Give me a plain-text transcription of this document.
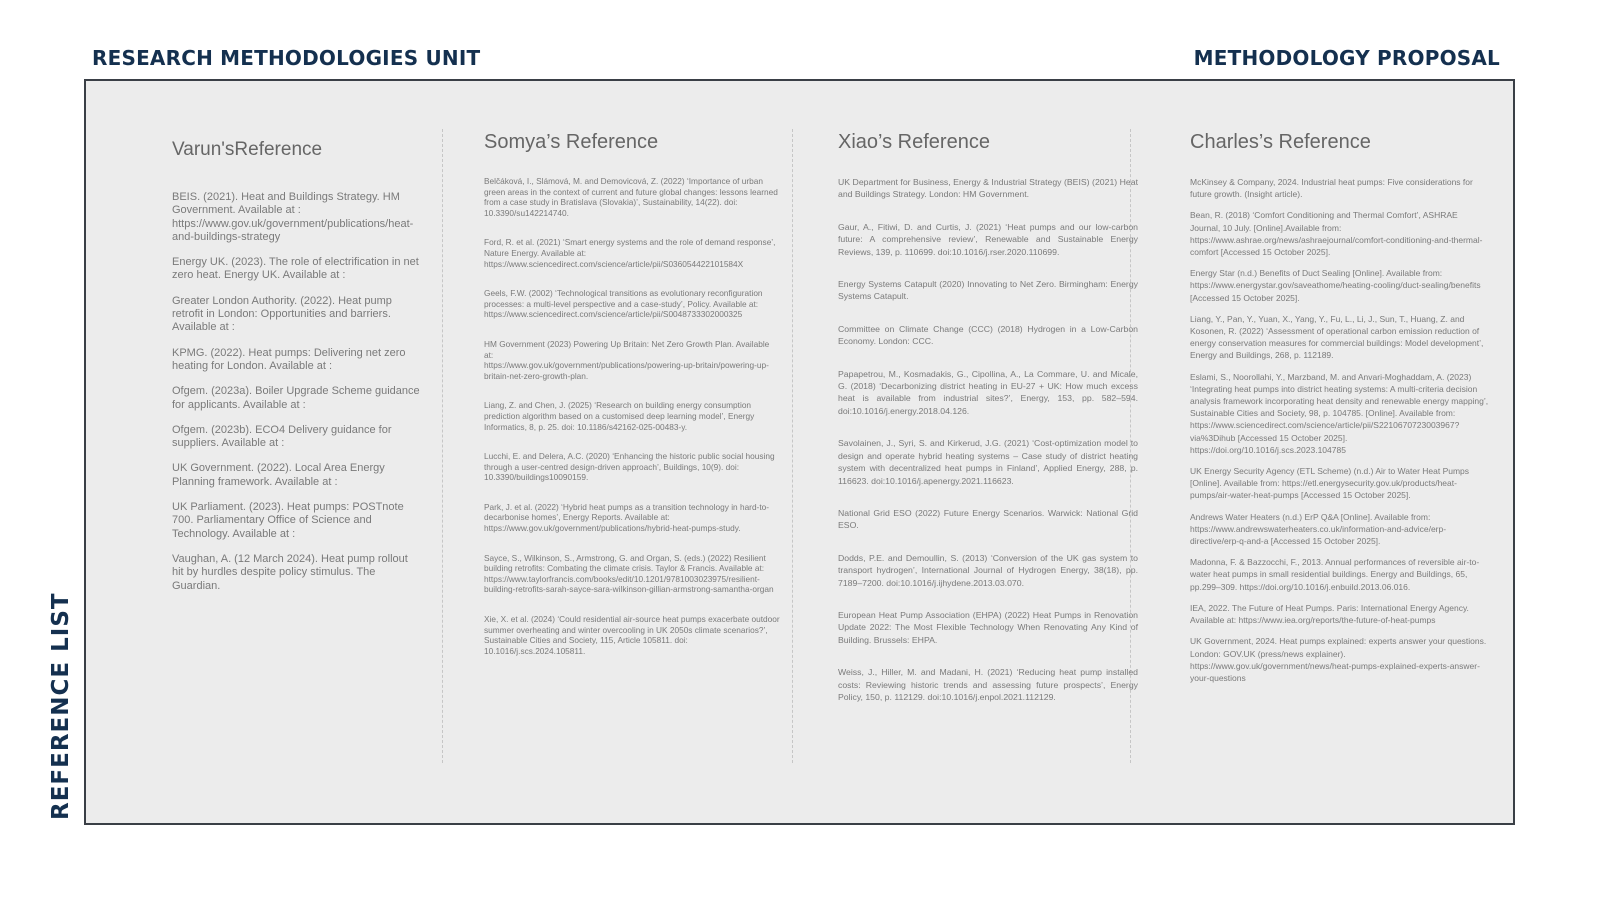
RESEARCH METHODOLOGIES UNIT	METHODOLOGY PROPOSAL
REFERENCE LIST
Varun'sReference
BEIS. (2021). Heat and Buildings Strategy. HM Government. Available at : https://www.gov.uk/government/publications/heat-and-buildings-strategy
Energy UK. (2023). The role of electrification in net zero heat. Energy UK. Available at :
Greater London Authority. (2022). Heat pump retrofit in London: Opportunities and barriers. Available at :
KPMG. (2022). Heat pumps: Delivering net zero heating for London. Available at :
Ofgem. (2023a). Boiler Upgrade Scheme guidance for applicants. Available at :
Ofgem. (2023b). ECO4 Delivery guidance for suppliers. Available at :
UK Government. (2022). Local Area Energy Planning framework. Available at :
UK Parliament. (2023). Heat pumps: POSTnote 700. Parliamentary Office of Science and Technology. Available at :
Vaughan, A. (12 March 2024). Heat pump rollout hit by hurdles despite policy stimulus. The Guardian.
Somya’s Reference
Belčáková, I., Slámová, M. and Demovicová, Z. (2022) ‘Importance of urban green areas in the context of current and future global changes: lessons learned from a case study in Bratislava (Slovakia)’, Sustainability, 14(22). doi: 10.3390/su142214740.
Ford, R. et al. (2021) ‘Smart energy systems and the role of demand response’, Nature Energy. Available at:
https://www.sciencedirect.com/science/article/pii/S036054422101584X
Geels, F.W. (2002) ‘Technological transitions as evolutionary reconfiguration processes: a multi-level perspective and a case-study’, Policy. Available at:
https://www.sciencedirect.com/science/article/pii/S0048733302000325
HM Government (2023) Powering Up Britain: Net Zero Growth Plan. Available at:
https://www.gov.uk/government/publications/powering-up-britain/powering-up-britain-net-zero-growth-plan.
Liang, Z. and Chen, J. (2025) ‘Research on building energy consumption prediction algorithm based on a customised deep learning model’, Energy Informatics, 8, p. 25. doi: 10.1186/s42162-025-00483-y.
Lucchi, E. and Delera, A.C. (2020) ‘Enhancing the historic public social housing through a user-centred design-driven approach’, Buildings, 10(9). doi: 10.3390/buildings10090159.
Park, J. et al. (2022) ‘Hybrid heat pumps as a transition technology in hard-to-decarbonise homes’, Energy Reports. Available at:
https://www.gov.uk/government/publications/hybrid-heat-pumps-study.
Sayce, S., Wilkinson, S., Armstrong, G. and Organ, S. (eds.) (2022) Resilient building retrofits: Combating the climate crisis. Taylor & Francis. Available at:
https://www.taylorfrancis.com/books/edit/10.1201/9781003023975/resilient-building-retrofits-sarah-sayce-sara-wilkinson-gillian-armstrong-samantha-organ
Xie, X. et al. (2024) ‘Could residential air-source heat pumps exacerbate outdoor summer overheating and winter overcooling in UK 2050s climate scenarios?’, Sustainable Cities and Society, 115, Article 105811. doi: 10.1016/j.scs.2024.105811.
Xiao’s Reference
UK Department for Business, Energy & Industrial Strategy (BEIS) (2021) Heat and Buildings Strategy. London: HM Government.
Gaur, A., Fitiwi, D. and Curtis, J. (2021) ‘Heat pumps and our low-carbon future: A comprehensive review’, Renewable and Sustainable Energy Reviews, 139, p. 110699. doi:10.1016/j.rser.2020.110699.
Energy Systems Catapult (2020) Innovating to Net Zero. Birmingham: Energy Systems Catapult.
Committee on Climate Change (CCC) (2018) Hydrogen in a Low-Carbon Economy. London: CCC.
Papapetrou, M., Kosmadakis, G., Cipollina, A., La Commare, U. and Micale, G. (2018) ‘Decarbonizing district heating in EU-27 + UK: How much excess heat is available from industrial sites?’, Energy, 153, pp. 582–594. doi:10.1016/j.energy.2018.04.126.
Savolainen, J., Syri, S. and Kirkerud, J.G. (2021) ‘Cost-optimization model to design and operate hybrid heating systems – Case study of district heating system with decentralized heat pumps in Finland’, Applied Energy, 288, p. 116623. doi:10.1016/j.apenergy.2021.116623.
National Grid ESO (2022) Future Energy Scenarios. Warwick: National Grid ESO.
Dodds, P.E. and Demoullin, S. (2013) ‘Conversion of the UK gas system to transport hydrogen’, International Journal of Hydrogen Energy, 38(18), pp. 7189–7200. doi:10.1016/j.ijhydene.2013.03.070.
European Heat Pump Association (EHPA) (2022) Heat Pumps in Renovation Update 2022: The Most Flexible Technology When Renovating Any Kind of Building. Brussels: EHPA.
Weiss, J., Hiller, M. and Madani, H. (2021) ‘Reducing heat pump installed costs: Reviewing historic trends and assessing future prospects’, Energy Policy, 150, p. 112129. doi:10.1016/j.enpol.2021.112129.
Charles’s Reference
McKinsey & Company, 2024. Industrial heat pumps: Five considerations for future growth. (Insight article).
Bean, R. (2018) ‘Comfort Conditioning and Thermal Comfort’, ASHRAE Journal, 10 July. [Online].Available from: https://www.ashrae.org/news/ashraejournal/comfort-conditioning-and-thermal-comfort [Accessed 15 October 2025].
Energy Star (n.d.) Benefits of Duct Sealing [Online]. Available from: https://www.energystar.gov/saveathome/heating-cooling/duct-sealing/benefits [Accessed 15 October 2025].
Liang, Y., Pan, Y., Yuan, X., Yang, Y., Fu, L., Li, J., Sun, T., Huang, Z. and Kosonen, R. (2022) ‘Assessment of operational carbon emission reduction of energy conservation measures for commercial buildings: Model development’, Energy and Buildings, 268, p. 112189.
Eslami, S., Noorollahi, Y., Marzband, M. and Anvari-Moghaddam, A. (2023) ‘Integrating heat pumps into district heating systems: A multi-criteria decision analysis framework incorporating heat density and renewable energy mapping’, Sustainable Cities and Society, 98, p. 104785. [Online]. Available from: https://www.sciencedirect.com/science/article/pii/S2210670723003967?via%3Dihub [Accessed 15 October 2025]. https://doi.org/10.1016/j.scs.2023.104785
UK Energy Security Agency (ETL Scheme) (n.d.) Air to Water Heat Pumps [Online]. Available from: https://etl.energysecurity.gov.uk/products/heat-pumps/air-water-heat-pumps [Accessed 15 October 2025].
Andrews Water Heaters (n.d.) ErP Q&A [Online]. Available from: https://www.andrewswaterheaters.co.uk/information-and-advice/erp-directive/erp-q-and-a [Accessed 15 October 2025].
Madonna, F. & Bazzocchi, F., 2013. Annual performances of reversible air-to-water heat pumps in small residential buildings. Energy and Buildings, 65, pp.299–309. https://doi.org/10.1016/j.enbuild.2013.06.016.
IEA, 2022. The Future of Heat Pumps. Paris: International Energy Agency. Available at: https://www.iea.org/reports/the-future-of-heat-pumps
UK Government, 2024. Heat pumps explained: experts answer your questions. London: GOV.UK (press/news explainer). https://www.gov.uk/government/news/heat-pumps-explained-experts-answer-your-questions
